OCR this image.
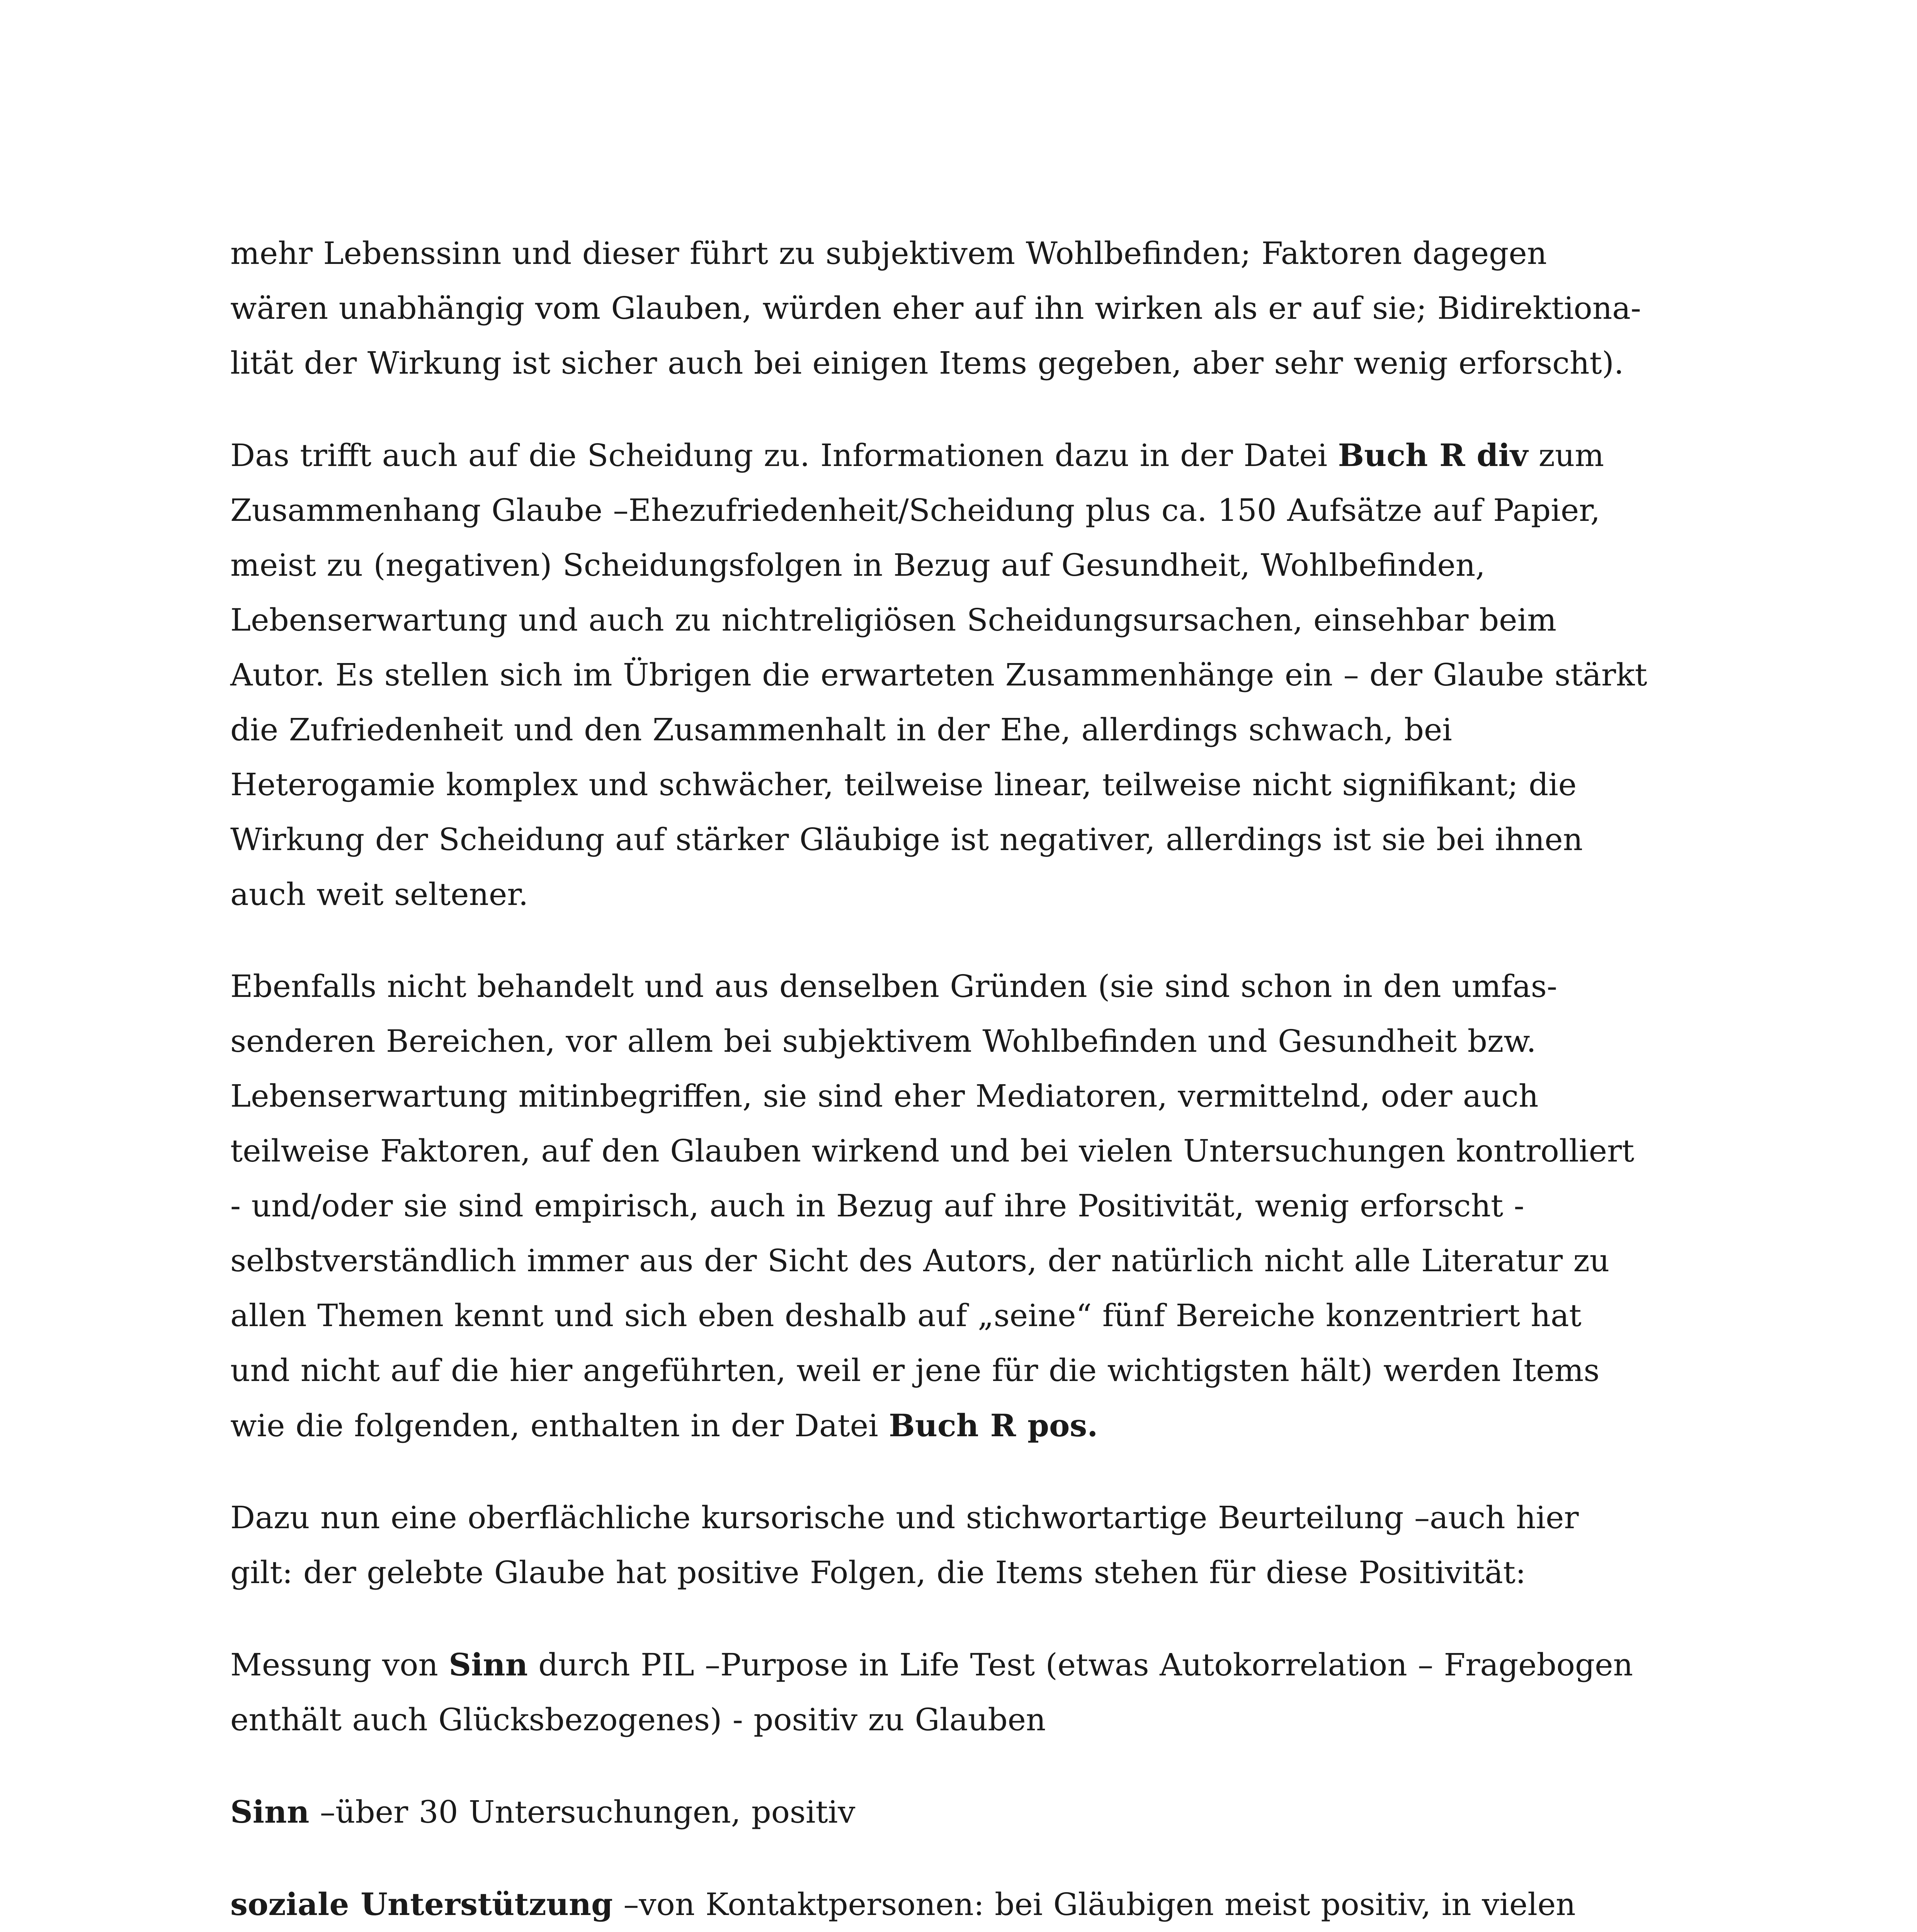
mehr Lebenssinn und dieser führt zu subjektivem Wohlbefinden; Faktoren dagegen
wären unabhängig vom Glauben, würden eher auf ihn wirken als er auf sie; Bidirektiona-
lität der Wirkung ist sicher auch bei einigen Items gegeben, aber sehr wenig erforscht).

Das trifft auch auf die Scheidung zu. Informationen dazu in der Datei Buch R div zum
Zusammenhang Glaube –Ehezufriedenheit/Scheidung plus ca. 150 Aufsätze auf Papier,
meist zu (negativen) Scheidungsfolgen in Bezug auf Gesundheit, Wohlbefinden,
Lebenserwartung und auch zu nichtreligiösen Scheidungsursachen, einsehbar beim
Autor. Es stellen sich im Übrigen die erwarteten Zusammenhänge ein – der Glaube stärkt
die Zufriedenheit und den Zusammenhalt in der Ehe, allerdings schwach, bei
Heterogamie komplex und schwächer, teilweise linear, teilweise nicht signifikant; die
Wirkung der Scheidung auf stärker Gläubige ist negativer, allerdings ist sie bei ihnen
auch weit seltener.

Ebenfalls nicht behandelt und aus denselben Gründen (sie sind schon in den umfas-
senderen Bereichen, vor allem bei subjektivem Wohlbefinden und Gesundheit bzw.
Lebenserwartung mitinbegriffen, sie sind eher Mediatoren, vermittelnd, oder auch
teilweise Faktoren, auf den Glauben wirkend und bei vielen Untersuchungen kontrolliert
- und/oder sie sind empirisch, auch in Bezug auf ihre Positivität, wenig erforscht -
selbstverständlich immer aus der Sicht des Autors, der natürlich nicht alle Literatur zu
allen Themen kennt und sich eben deshalb auf „seine“ fünf Bereiche konzentriert hat
und nicht auf die hier angeführten, weil er jene für die wichtigsten hält) werden Items
wie die folgenden, enthalten in der Datei Buch R pos.

Dazu nun eine oberflächliche kursorische und stichwortartige Beurteilung –auch hier
gilt: der gelebte Glaube hat positive Folgen, die Items stehen für diese Positivität:

Messung von Sinn durch PIL –Purpose in Life Test (etwas Autokorrelation – Fragebogen
enthält auch Glücksbezogenes) - positiv zu Glauben

Sinn –über 30 Untersuchungen, positiv

soziale Unterstützung –von Kontaktpersonen: bei Gläubigen meist positiv, in vielen
